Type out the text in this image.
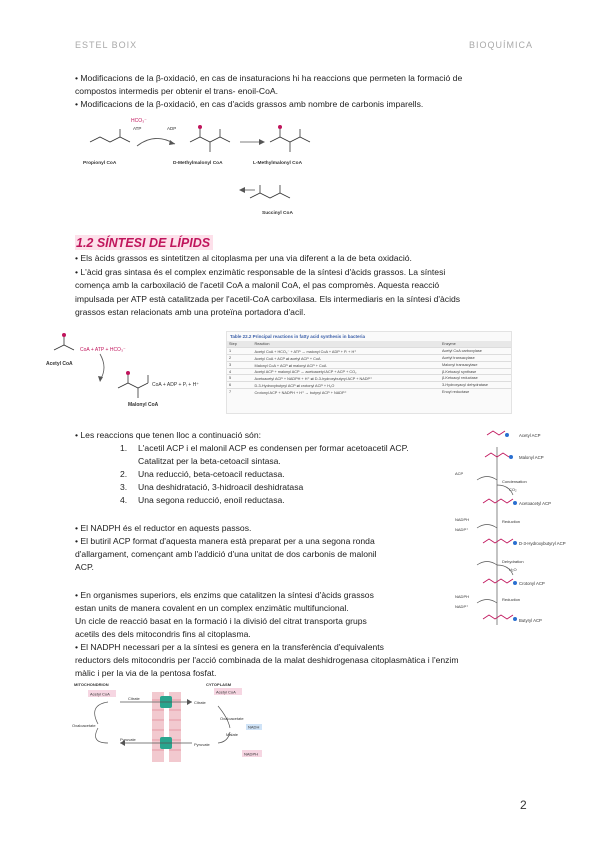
ESTEL BOIX	BIOQUÍMICA
• Modificacions de la β-oxidació, en cas de insaturacions hi ha reaccions que permeten la formació de
compostos intermedis per obtenir el trans- enoil-CoA.
• Modificacions de la β-oxidació, en cas d'acids grassos amb nombre de carbonis imparells.
HCO₃⁻
ATP	ADP
Propionyl CoA	D-Methylmalonyl CoA	L-Methylmalonyl CoA
Succinyl CoA
1.2 SÍNTESI DE LÍPIDS
• Els àcids grassos es sintetitzen al citoplasma per una via diferent a la de beta oxidació.
• L'àcid gras sintasa és el complex enzimàtic responsable de la síntesi d'àcids grassos. La síntesi
comença amb la carboxilació de l'acetil CoA a malonil CoA, el pas compromès. Aquesta reacció
impulsada per ATP està catalitzada per l'acetil-CoA carboxilasa. Els intermediaris en la síntesi d'àcids
grassos estan relacionats amb una proteïna portadora d'acil.
CoA + ATP + HCO₃⁻
Acetyl CoA
CoA + ADP + Pᵢ + H⁺
Malonyl CoA
Table 22.2 Principal reactions in fatty acid synthesis in bacteria
Step	Reaction	Enzyme
1	Acetyl CoA + HCO₃⁻ + ATP → malonyl CoA + ADP + Pᵢ + H⁺	Acetyl CoA carboxylase
2	Acetyl CoA + ACP ⇌ acetyl ACP + CoA	Acetyl transacylase
3	Malonyl CoA + ACP ⇌ malonyl ACP + CoA	Malonyl transacylase
4	Acetyl ACP + malonyl ACP → acetoacetyl ACP + ACP + CO₂	β-Ketoacyl synthase
5	Acetoacetyl ACP + NADPH + H⁺ ⇌ D-3-hydroxybutyryl ACP + NADP⁺	β-Ketoacyl reductase
6	D-3-Hydroxybutyryl ACP ⇌ crotonyl ACP + H₂O	3-Hydroxyacyl dehydratase
7	Crotonyl ACP + NADPH + H⁺ → butyryl ACP + NADP⁺	Enoyl reductase
• Les reaccions que tenen lloc a continuació són:
1. L'acetil ACP i el malonil ACP es condensen per formar acetoacetil ACP.
Catalitzat per la beta-cetoacil sintasa.
2. Una reducció, beta-cetoacil reductasa.
3. Una deshidratació, 3-hidroacil deshidratasa
4. Una segona reducció, enoil reductasa.
• El NADPH és el reductor en aquests passos.
• El butiril ACP format d'aquesta manera està preparat per a una segona ronda
d'allargament, començant amb l'addició d'una unitat de dos carbonis de malonil
ACP.
• En organismes superiors, els enzims que catalitzen la síntesi d'àcids grassos
estan units de manera covalent en un complex enzimàtic multifuncional.
Un cicle de reacció basat en la formació i la divisió del citrat transporta grups
acetils des dels mitocondris fins al citoplasma.
• El NADPH necessari per a la síntesi es genera en la transferència d'equivalents
reductors dels mitocondris per l'acció combinada de la malat deshidrogenasa citoplasmàtica i l'enzim
màlic i per la via de la pentosa fosfat.
Acetyl ACP
Malonyl ACP
Condensation
Acetoacetyl ACP
Reduction
D-3-Hydroxybutyryl ACP
Dehydration
Crotonyl ACP
Reduction
Butyryl ACP
ACP
CO₂
NADPH
NADP⁺
H₂O
NADPH
NADP⁺
MITOCHONDRION	CYTOPLASM
Acetyl CoA	Acetyl CoA
Citrate
Citrate
Oxaloacetate
Oxaloacetate
NADH
Malate
Pyruvate
Pyruvate
NADPH
2
